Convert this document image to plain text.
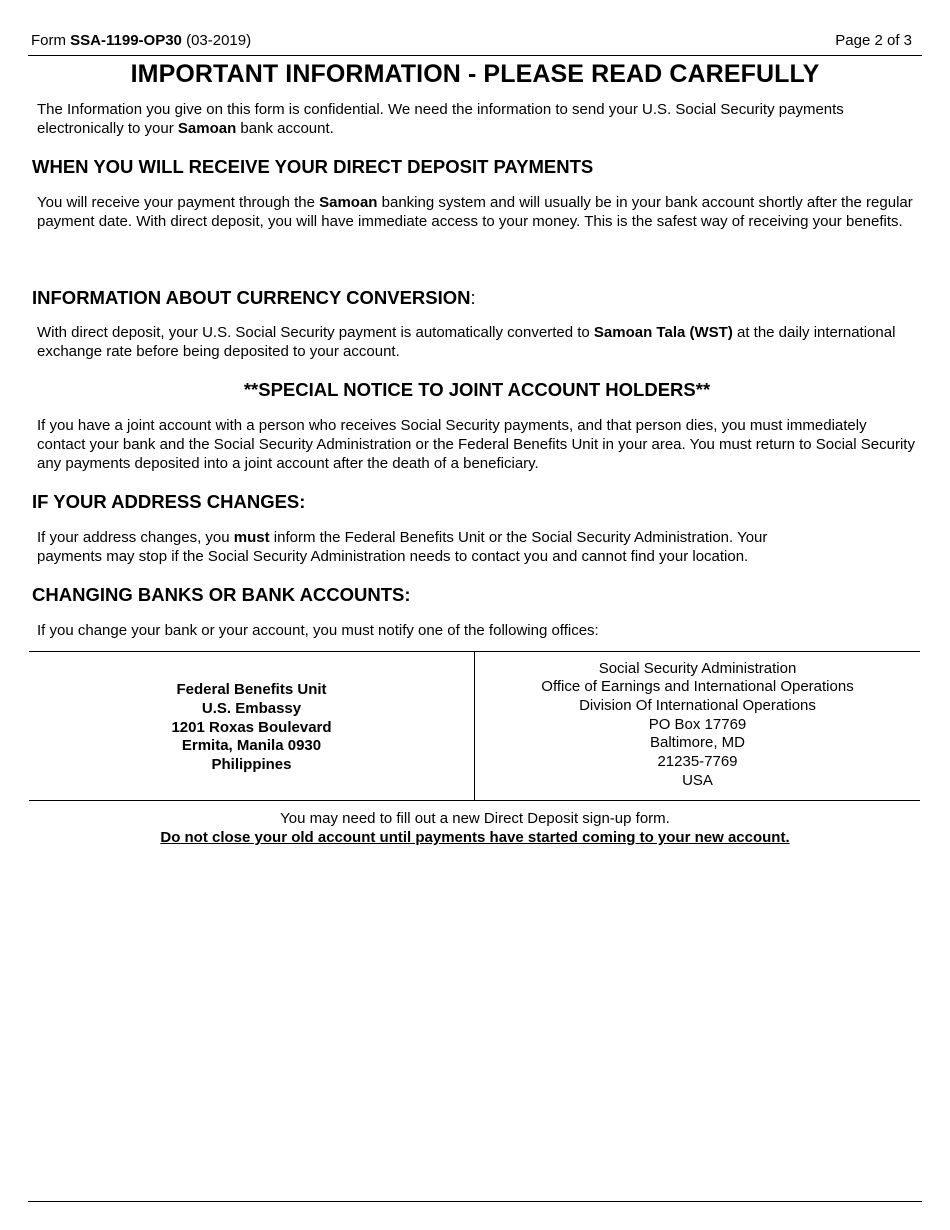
Form SSA-1199-OP30 (03-2019)	Page 2 of 3
IMPORTANT INFORMATION - PLEASE READ CAREFULLY

The Information you give on this form is confidential. We need the information to send your U.S. Social Security payments electronically to your Samoan bank account.

WHEN YOU WILL RECEIVE YOUR DIRECT DEPOSIT PAYMENTS

You will receive your payment through the Samoan banking system and will usually be in your bank account shortly after the regular payment date. With direct deposit, you will have immediate access to your money. This is the safest way of receiving your benefits.

INFORMATION ABOUT CURRENCY CONVERSION:

With direct deposit, your U.S. Social Security payment is automatically converted to Samoan Tala (WST) at the daily international exchange rate before being deposited to your account.

**SPECIAL NOTICE TO JOINT ACCOUNT HOLDERS**

If you have a joint account with a person who receives Social Security payments, and that person dies, you must immediately contact your bank and the Social Security Administration or the Federal Benefits Unit in your area. You must return to Social Security any payments deposited into a joint account after the death of a beneficiary.

IF YOUR ADDRESS CHANGES:

If your address changes, you must inform the Federal Benefits Unit or the Social Security Administration. Your
payments may stop if the Social Security Administration needs to contact you and cannot find your location.

CHANGING BANKS OR BANK ACCOUNTS:

If you change your bank or your account, you must notify one of the following offices:

Federal Benefits Unit
U.S. Embassy
1201 Roxas Boulevard
Ermita, Manila 0930
Philippines
Social Security Administration
Office of Earnings and International Operations
Division Of International Operations
PO Box 17769
Baltimore, MD
21235-7769
USA
You may need to fill out a new Direct Deposit sign-up form.
Do not close your old account until payments have started coming to your new account.
